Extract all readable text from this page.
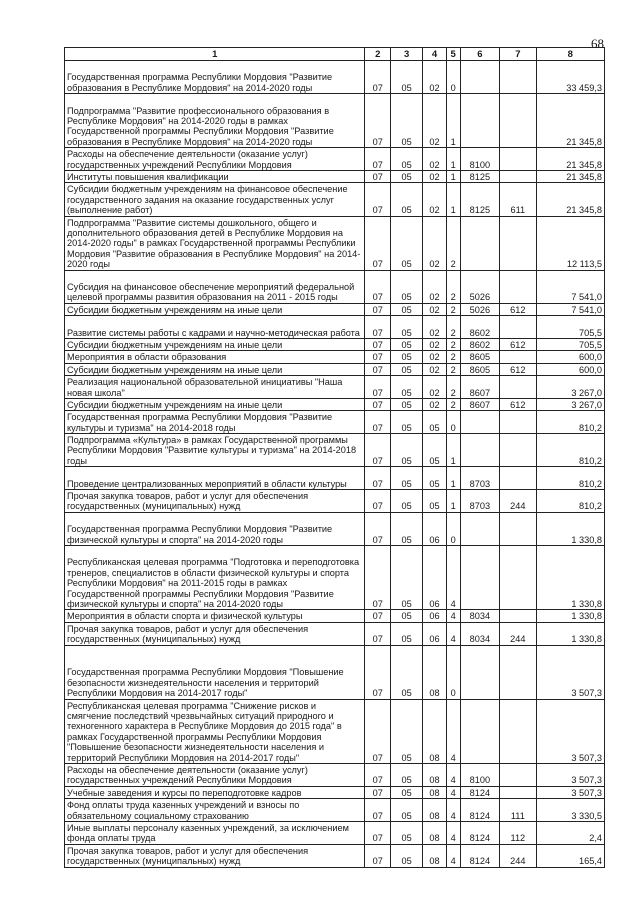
68
1	2	3	4	5	6	7	8
Государственная программа Республики Мордовия "Развитие образования в Республике Мордовия" на 2014-2020 годы	07	05	02	0			33 459,3
Подпрограмма "Развитие профессионального образования в Республике Мордовия" на 2014-2020 годы в рамках Государственной программы Республики Мордовия "Развитие образования в Республике Мордовия" на 2014-2020 годы	07	05	02	1			21 345,8
Расходы на обеспечение деятельности (оказание услуг) государственных учреждений Республики Мордовия	07	05	02	1	8100		21 345,8
Институты повышения квалификации	07	05	02	1	8125		21 345,8
Субсидии бюджетным учреждениям на финансовое обеспечение государственного задания на оказание государственных услуг (выполнение работ)	07	05	02	1	8125	611	21 345,8
Подпрограмма "Развитие системы дошкольного, общего и дополнительного образования детей в Республике Мордовия на 2014-2020 годы" в рамках Государственной программы Республики Мордовия "Развитие образования в Республике Мордовия" на 2014-2020 годы	07	05	02	2			12 113,5
Субсидия на финансовое обеспечение мероприятий федеральной целевой программы развития образования на 2011 - 2015 годы	07	05	02	2	5026		7 541,0
Субсидии бюджетным учреждениям на иные цели	07	05	02	2	5026	612	7 541,0
Развитие системы работы с кадрами и научно-методическая работа	07	05	02	2	8602		705,5
Субсидии бюджетным учреждениям на иные цели	07	05	02	2	8602	612	705,5
Мероприятия в области образования	07	05	02	2	8605		600,0
Субсидии бюджетным учреждениям на иные цели	07	05	02	2	8605	612	600,0
Реализация национальной образовательной инициативы "Наша новая школа"	07	05	02	2	8607		3 267,0
Субсидии бюджетным учреждениям на иные цели	07	05	02	2	8607	612	3 267,0
Государственная программа Республики Мордовия "Развитие культуры и туризма" на 2014-2018 годы	07	05	05	0			810,2
Подпрограмма «Культура» в рамках Государственной программы Республики Мордовия "Развитие культуры и туризма" на 2014-2018 годы	07	05	05	1			810,2
Проведение централизованных мероприятий в области культуры	07	05	05	1	8703		810,2
Прочая закупка товаров, работ и услуг для обеспечения государственных (муниципальных) нужд	07	05	05	1	8703	244	810,2
Государственная программа Республики Мордовия "Развитие физической культуры и спорта" на 2014-2020 годы	07	05	06	0			1 330,8
Республиканская целевая программа "Подготовка и переподготовка тренеров, специалистов в области физической культуры и спорта Республики Мордовия" на 2011-2015 годы в рамках Государственной программы Республики Мордовия "Развитие физической культуры и спорта" на 2014-2020 годы	07	05	06	4			1 330,8
Мероприятия в области спорта и физической культуры	07	05	06	4	8034		1 330,8
Прочая закупка товаров, работ и услуг для обеспечения государственных (муниципальных) нужд	07	05	06	4	8034	244	1 330,8
Государственная программа Республики Мордовия "Повышение безопасности жизнедеятельности населения и территорий Республики Мордовия на 2014-2017 годы"	07	05	08	0			3 507,3
Республиканская целевая программа "Снижение рисков и смягчение последствий чрезвычайных ситуаций природного и техногенного характера в Республике Мордовия до 2015 года" в рамках Государственной программы Республики Мордовия "Повышение безопасности жизнедеятельности населения и территорий Республики Мордовия на 2014-2017 годы"	07	05	08	4			3 507,3
Расходы на обеспечение деятельности (оказание услуг) государственных учреждений Республики Мордовия	07	05	08	4	8100		3 507,3
Учебные заведения и курсы по переподготовке кадров	07	05	08	4	8124		3 507,3
Фонд оплаты труда казенных учреждений и взносы по обязательному социальному страхованию	07	05	08	4	8124	111	3 330,5
Иные выплаты персоналу казенных учреждений, за исключением фонда оплаты труда	07	05	08	4	8124	112	2,4
Прочая закупка товаров, работ и услуг для обеспечения государственных (муниципальных) нужд	07	05	08	4	8124	244	165,4
